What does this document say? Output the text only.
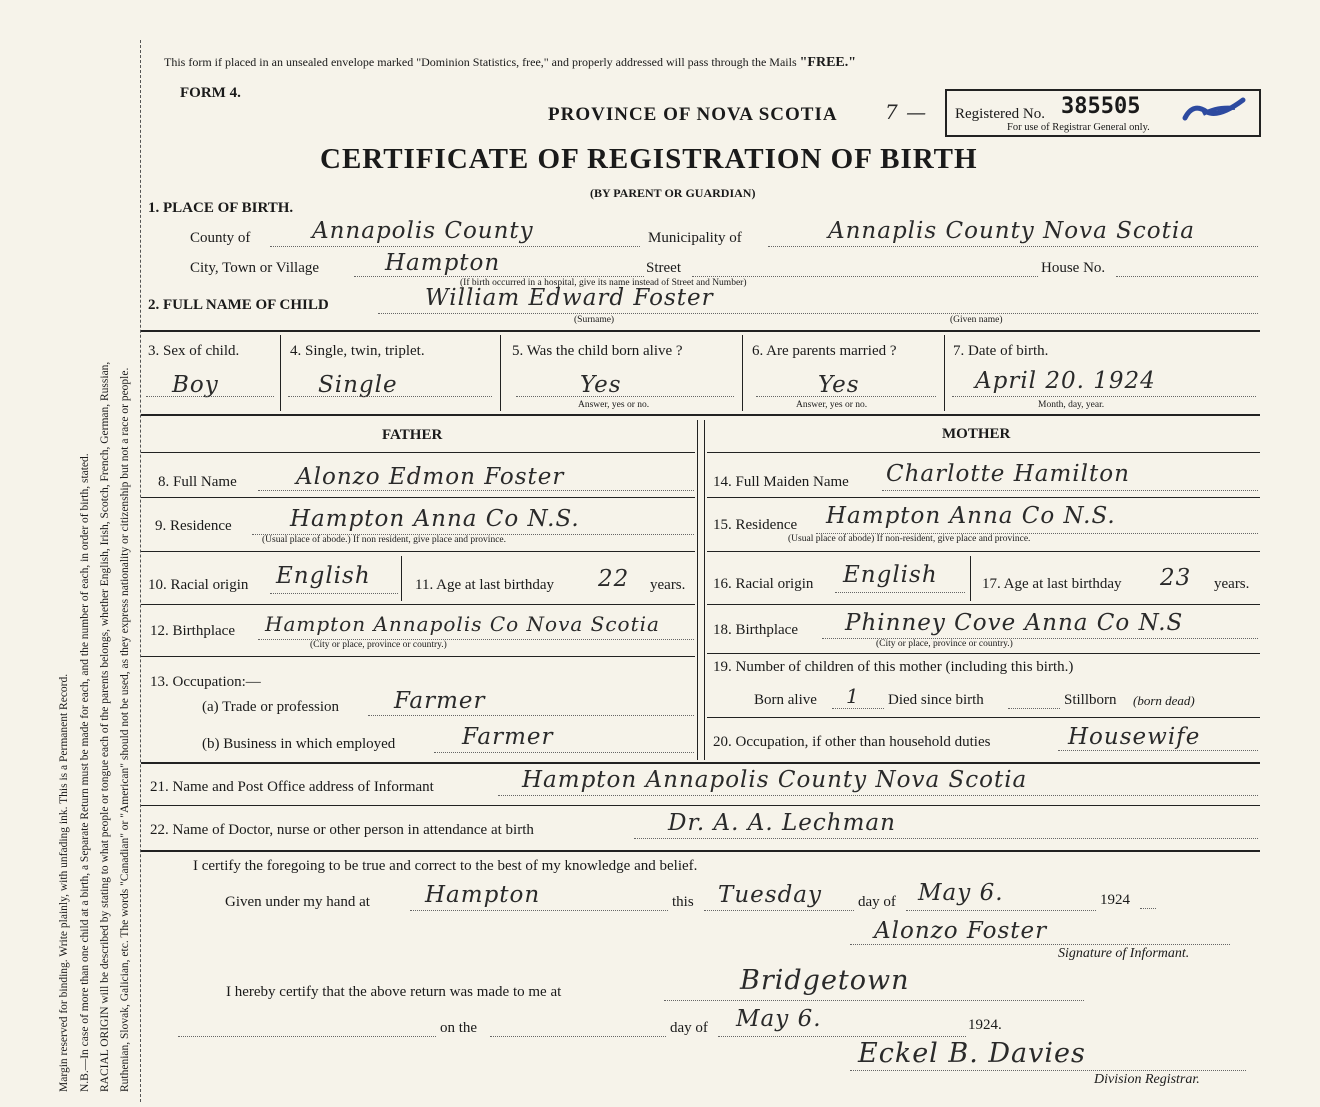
Margin reserved for binding. Write plainly, with unfading ink. This is a Permanent Record. N.B.—In case of more than one child at a birth, a Separate Return must be made for each, and the number of each, in order of birth, stated. RACIAL ORIGIN will be described by stating to what people or tongue each of the parents belongs, whether English, Irish, Scotch, French, German, Russian, Ruthenian, Slovak, Galician, etc. The words "Canadian" or "American" should not be used, as they express nationality or citizenship but not a race or people.
This form if placed in an unsealed envelope marked "Dominion Statistics, free," and properly addressed will pass through the Mails "FREE."
FORM 4.
PROVINCE OF NOVA SCOTIA 7 — Registered No. 385505
For use of Registrar General only.
CERTIFICATE OF REGISTRATION OF BIRTH
(BY PARENT OR GUARDIAN)
1. PLACE OF BIRTH.
County of	Annapolis County	Municipality of	Annaplis County Nova Scotia
City, Town or Village	Hampton	Street	House No.
(If birth occurred in a hospital, give its name instead of Street and Number)
2. FULL NAME OF CHILD	William Edward Foster
(Surname)	(Given name)
3. Sex of child.
Boy
4. Single, twin, triplet.
Single
5. Was the child born alive ?
Yes
Answer, yes or no.
6. Are parents married ?
Yes
Answer, yes or no.
7. Date of birth.
April 20. 1924
Month, day, year.
FATHER	MOTHER
8. Full Name	Alonzo Edmon Foster
9. Residence	Hampton Anna Co N.S.
(Usual place of abode.) If non resident, give place and province.
10. Racial origin English	11. Age at last birthday 22 years.
12. Birthplace Hampton Annapolis Co Nova Scotia
(City or place, province or country.)
13. Occupation:—
(a) Trade or profession Farmer
(b) Business in which employed	Farmer
14. Full Maiden Name Charlotte Hamilton
15. Residence Hampton Anna Co N.S.
(Usual place of abode) If non-resident, give place and province.
16. Racial origin English	17. Age at last birthday 23 years.
18. Birthplace Phinney Cove Anna Co N.S
(City or place, province or country.)
19. Number of children of this mother (including this birth.)
Born alive 1 Died since birth	Stillborn (born dead)
20. Occupation, if other than household duties	Housewife
21. Name and Post Office address of Informant	Hampton Annapolis County Nova Scotia
22. Name of Doctor, nurse or other person in attendance at birth	Dr. A. A. Lechman
I certify the foregoing to be true and correct to the best of my knowledge and belief.
Given under my hand at Hampton	this Tuesday day of May 6.	1924
Alonzo Foster
Signature of Informant.
I hereby certify that the above return was made to me at	Bridgetown
on the	day of May 6.	1924.
Eckel B. Davies
Division Registrar.
